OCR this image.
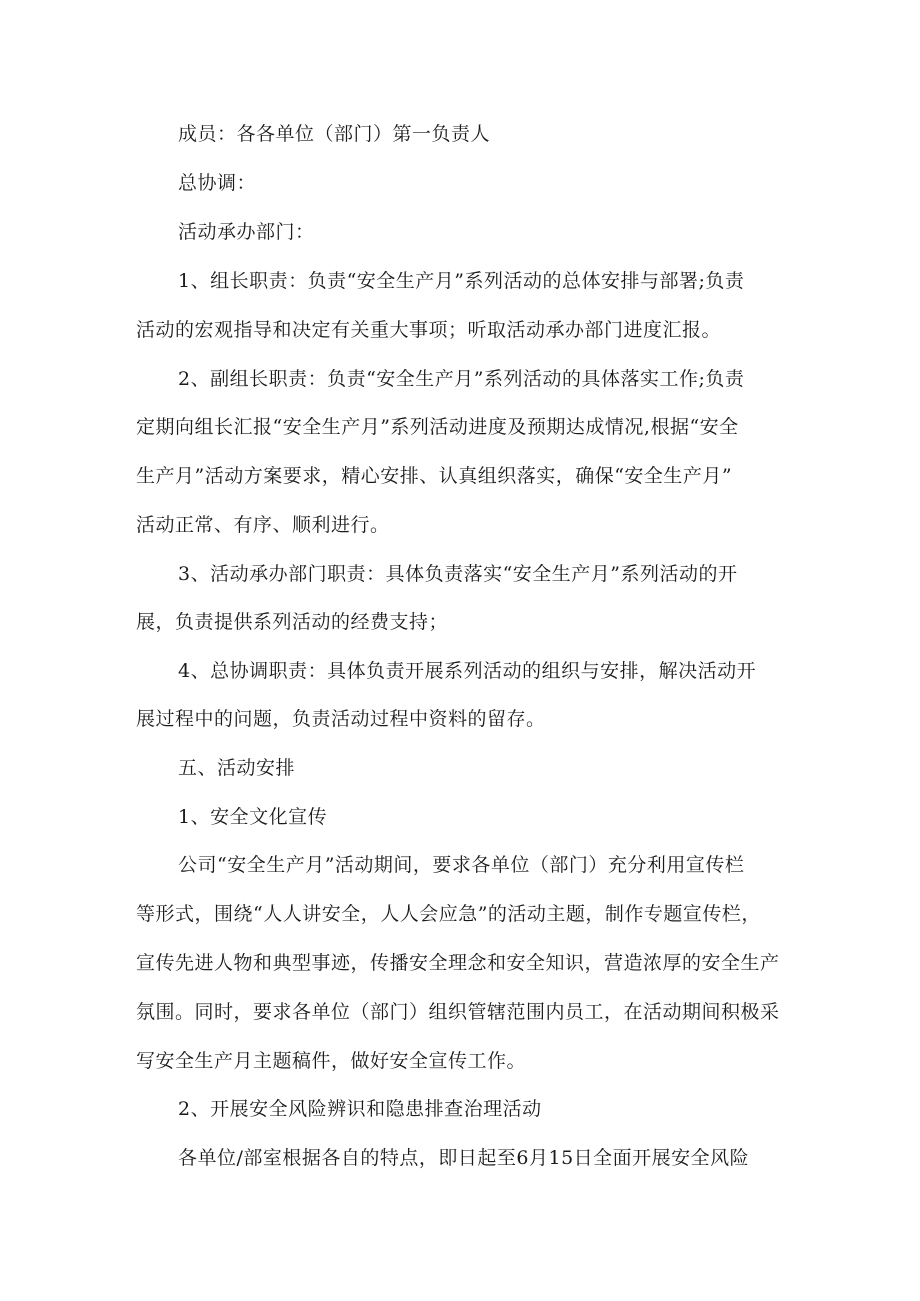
成员：各各单位（部门）第一负责人
总协调：
活动承办部门：
1、组长职责：负责“安全生产月”系列活动的总体安排与部署;负责
活动的宏观指导和决定有关重大事项；听取活动承办部门进度汇报。
2、副组长职责：负责“安全生产月”系列活动的具体落实工作;负责
定期向组长汇报“安全生产月”系列活动进度及预期达成情况,根据“安全
生产月”活动方案要求，精心安排、认真组织落实，确保“安全生产月”
活动正常、有序、顺利进行。
3、活动承办部门职责：具体负责落实“安全生产月”系列活动的开
展，负责提供系列活动的经费支持；
4、总协调职责：具体负责开展系列活动的组织与安排，解决活动开
展过程中的问题，负责活动过程中资料的留存。
五、活动安排
1、安全文化宣传
公司“安全生产月”活动期间，要求各单位（部门）充分利用宣传栏
等形式，围绕“人人讲安全，人人会应急”的活动主题，制作专题宣传栏，
宣传先进人物和典型事迹，传播安全理念和安全知识，营造浓厚的安全生产
氛围。同时，要求各单位（部门）组织管辖范围内员工，在活动期间积极采
写安全生产月主题稿件，做好安全宣传工作。
2、开展安全风险辨识和隐患排查治理活动
各单位/部室根据各自的特点，即日起至6月15日全面开展安全风险
